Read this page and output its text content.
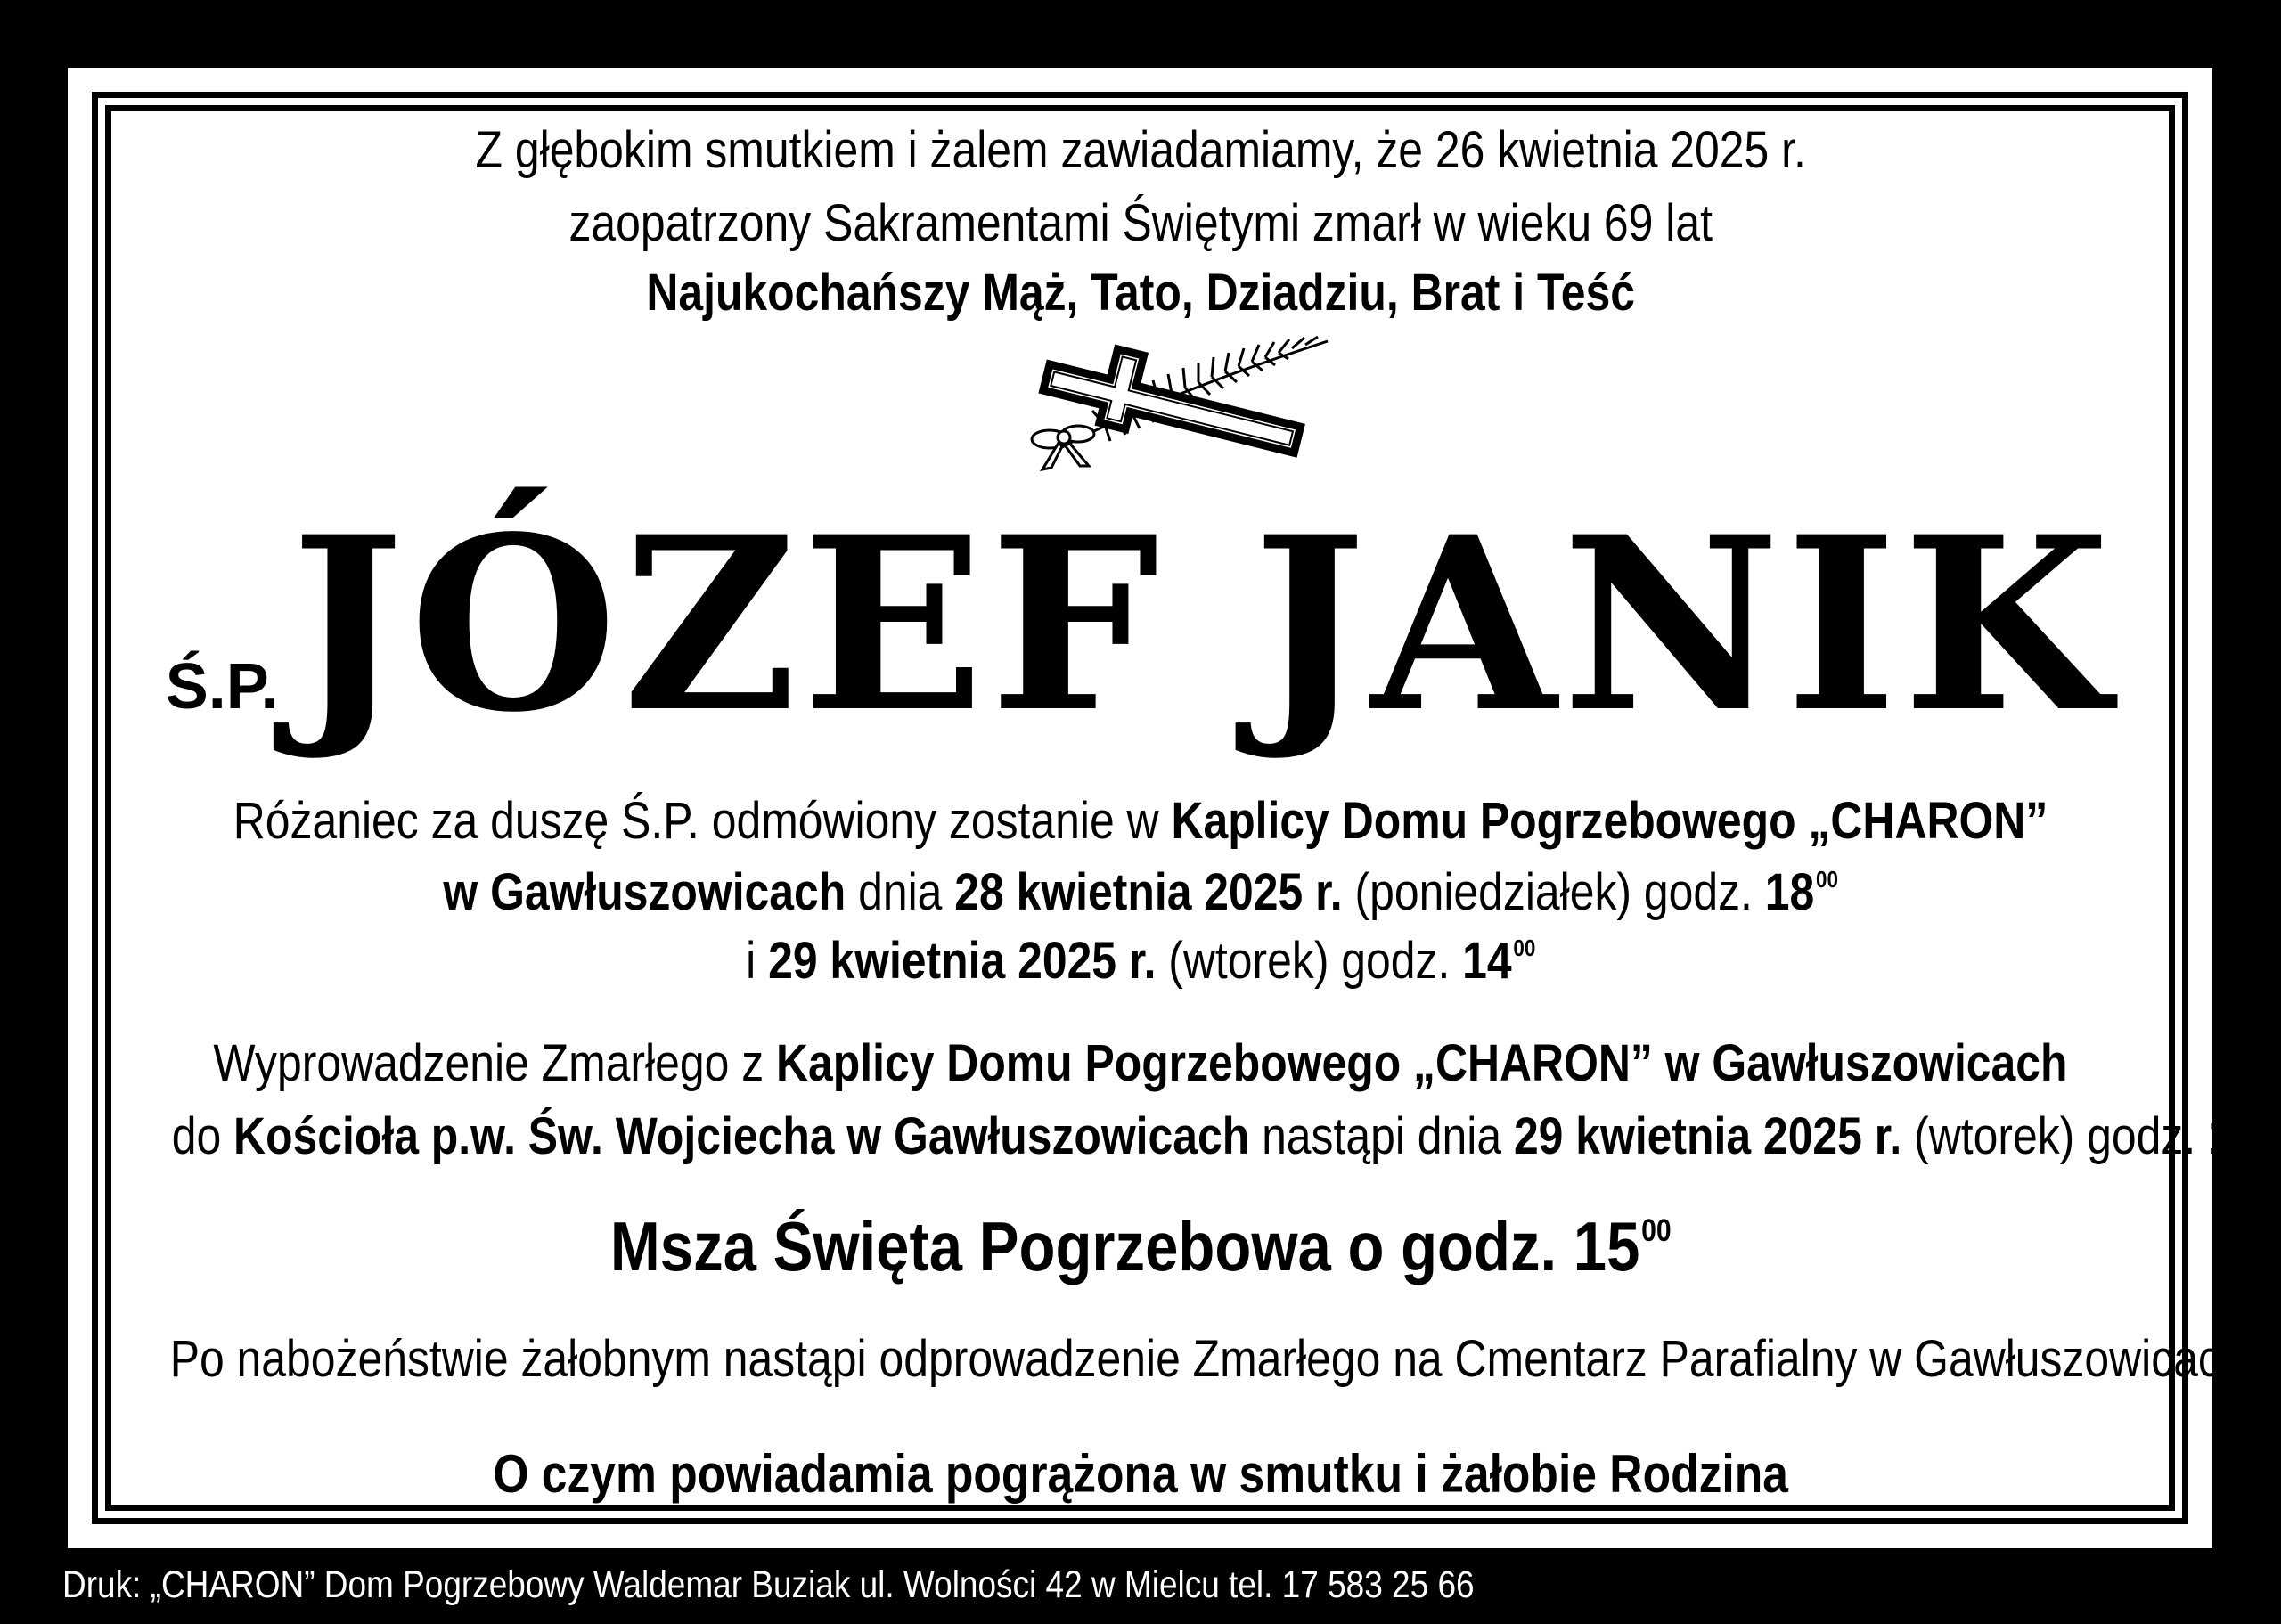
Z głębokim smutkiem i żalem zawiadamiamy, że 26 kwietnia 2025 r.
zaopatrzony Sakramentami Świętymi zmarł w wieku 69 lat
Najukochańszy Mąż, Tato, Dziadziu, Brat i Teść
Ś.P.JÓZEF JANIK
Różaniec za duszę Ś.P. odmówiony zostanie w Kaplicy Domu Pogrzebowego „CHARON”
w Gawłuszowicach dnia 28 kwietnia 2025 r. (poniedziałek) godz. $18^{00}$
i 29 kwietnia 2025 r. (wtorek) godz. $14^{00}$
Wyprowadzenie Zmarłego z Kaplicy Domu Pogrzebowego „CHARON” w Gawłuszowicach
do Kościoła p.w. Św. Wojciecha w Gawłuszowicach nastąpi dnia 29 kwietnia 2025 r. (wtorek) godz. $14^{45}$
Msza Święta Pogrzebowa o godz. $15^{00}$
Po nabożeństwie żałobnym nastąpi odprowadzenie Zmarłego na Cmentarz Parafialny w Gawłuszowicach.
O czym powiadamia pogrążona w smutku i żałobie Rodzina
Druk: „CHARON” Dom Pogrzebowy Waldemar Buziak ul. Wolności 42 w Mielcu tel. 17 583 25 66
